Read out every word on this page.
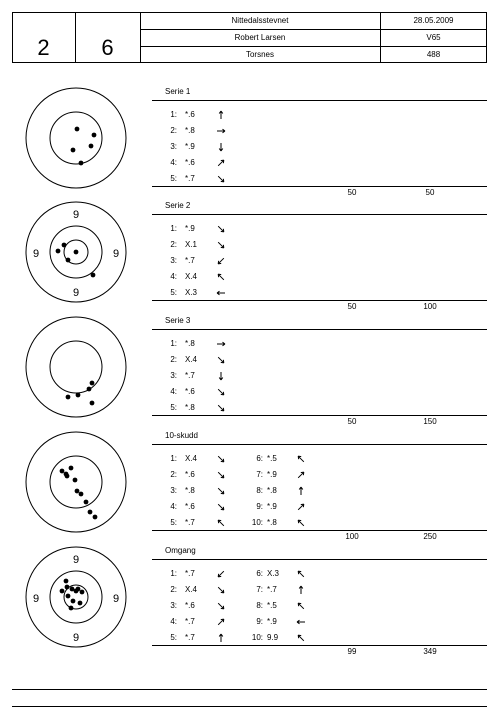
2	6
Nittedalsstevnet	28.05.2009
Robert Larsen	V65
Torsnes	488
Serie 1
1: *.6
2: *.8
3: *.9
4: *.6
5: *.7
50	50
9
9
9	9
Serie 2
1: *.9
2: X.1
3: *.7
4: X.4
5: X.3
50	100
Serie 3
1: *.8
2: X.4
3: *.7
4: *.6
5: *.8
50	150
10-skudd
1: X.4	6: *.5
2: *.6	7: *.9
3: *.8	8: *.8
4: *.6	9: *.9
5: *.7	10: *.8
100	250
9
9
9	9
Omgang
1: *.7	6: X.3
2: X.4	7: *.7
3: *.6	8: *.5
4: *.7	9: *.9
5: *.7	10: 9.9
99	349
